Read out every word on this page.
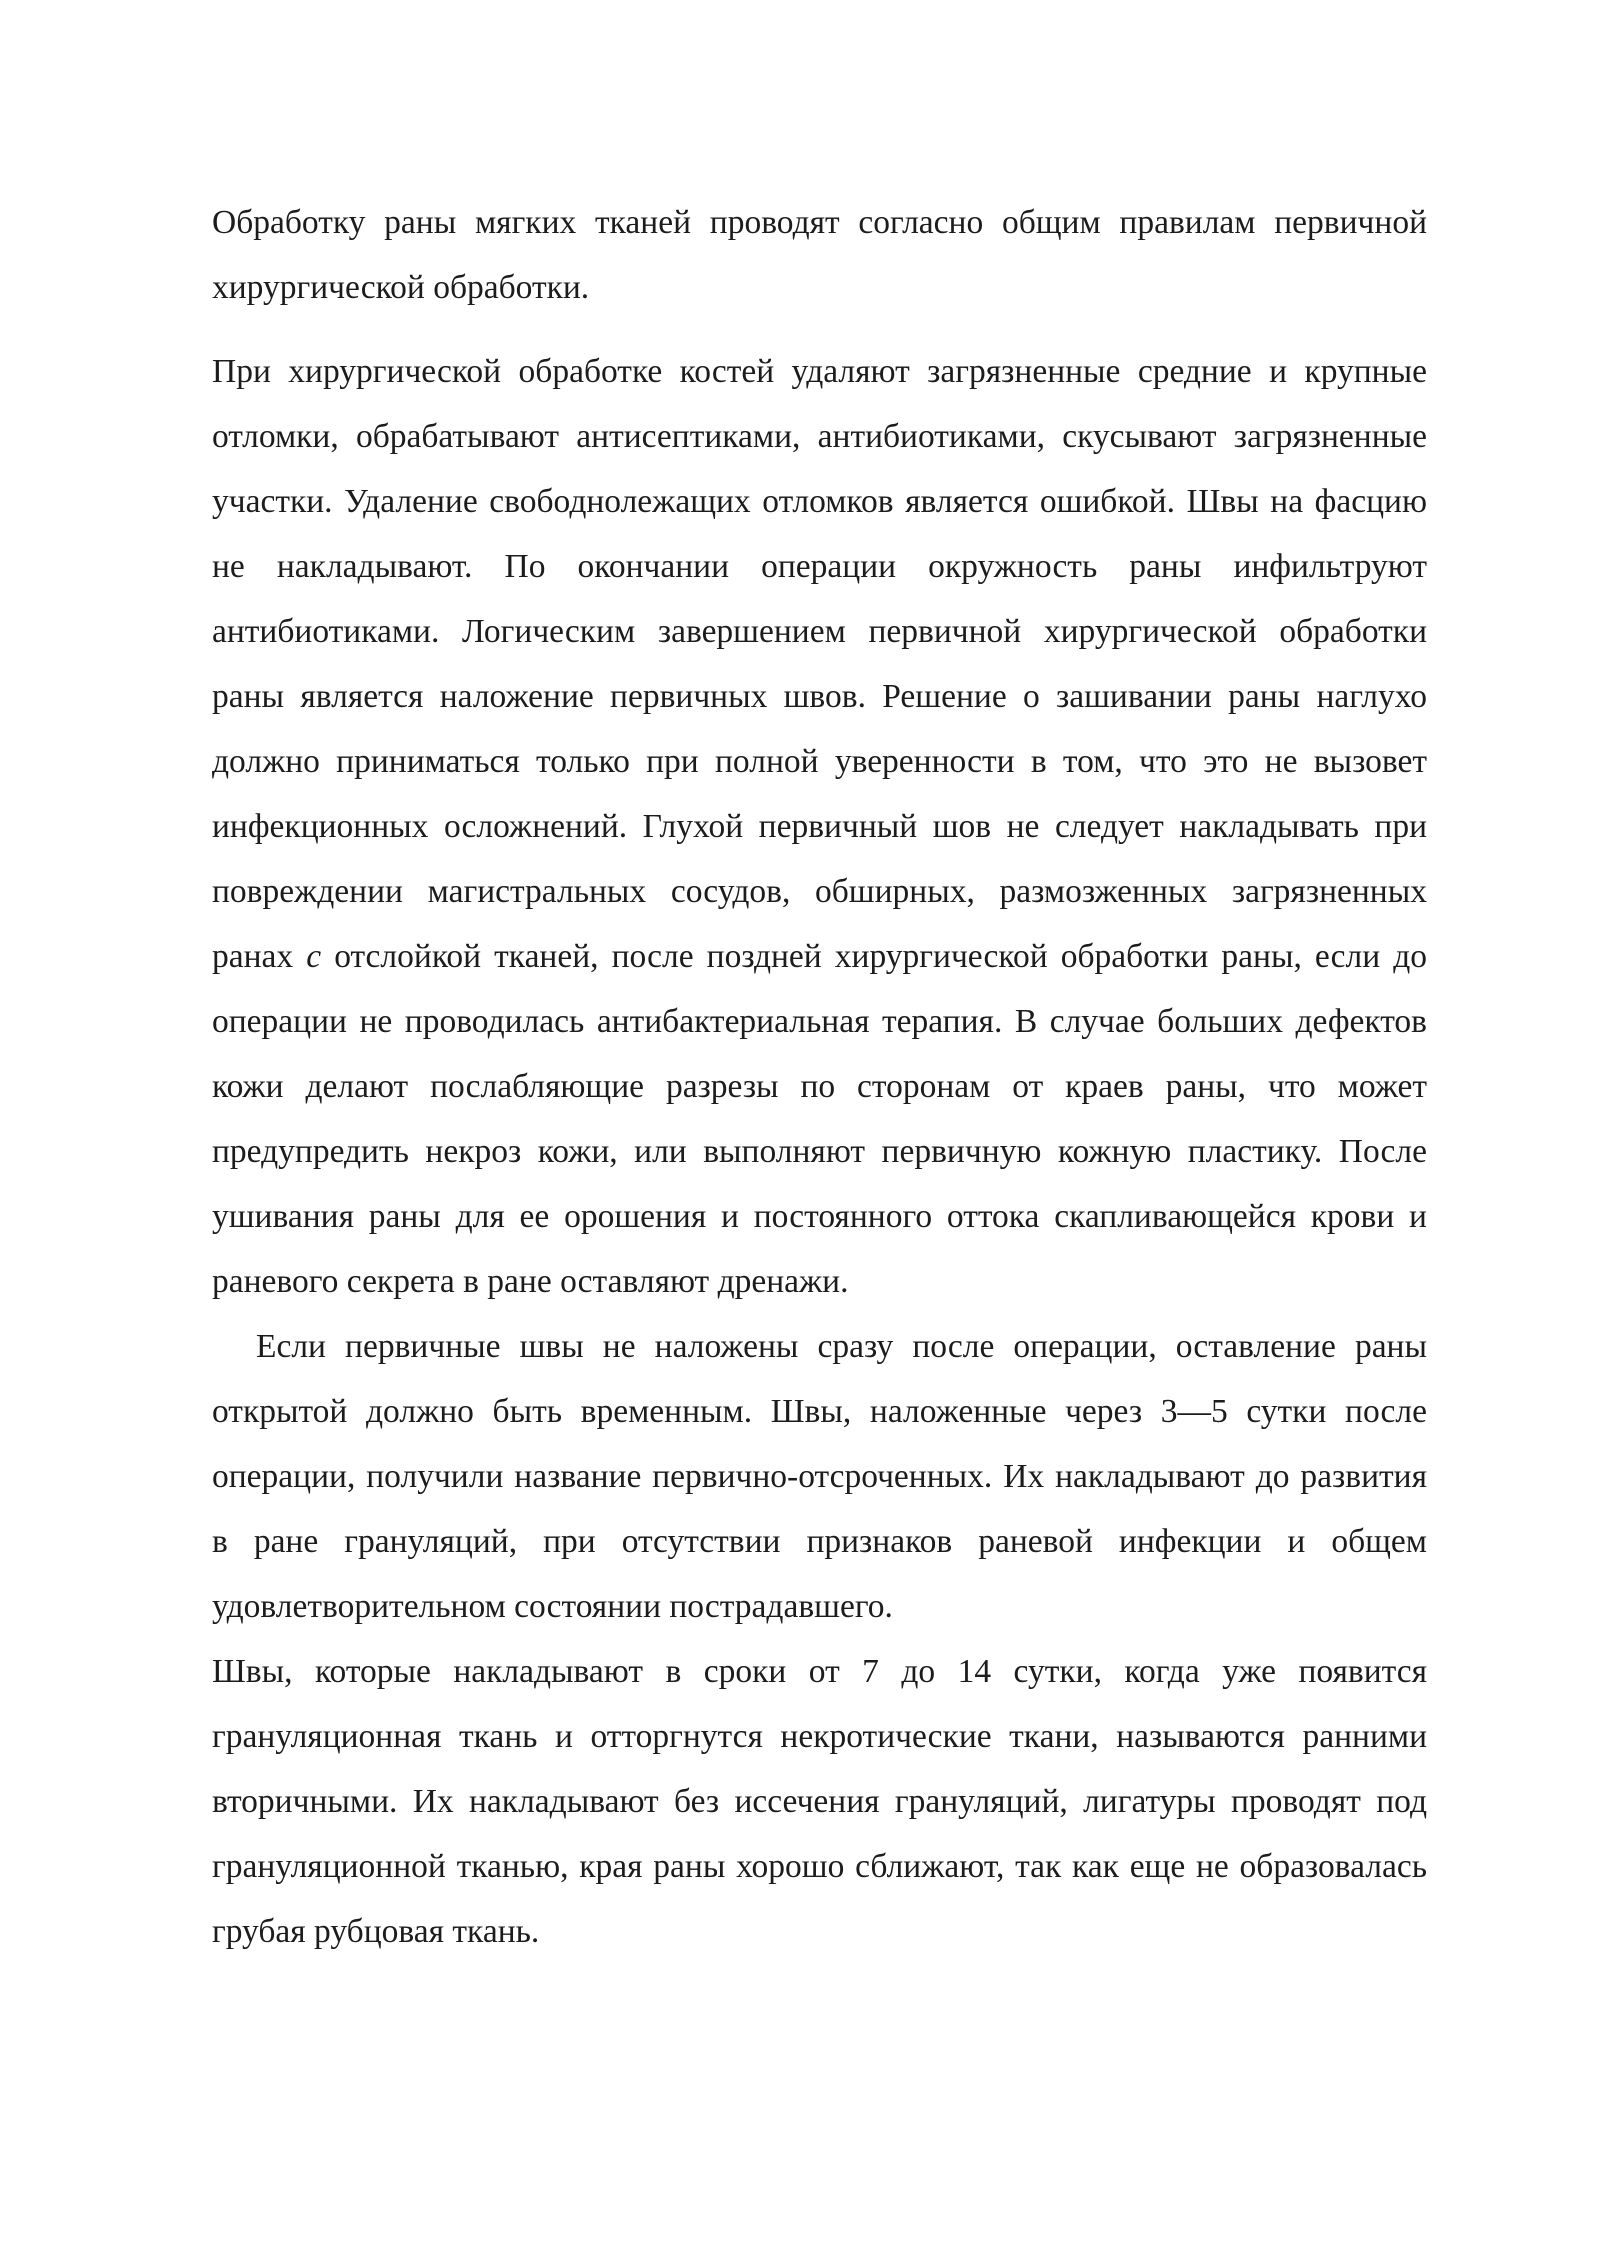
Обработку раны мягких тканей проводят согласно общим правилам первичной хирургической обработки.

При хирургической обработке костей удаляют загрязненные средние и крупные отломки, обрабатывают антисептиками, антибиотиками, скусывают загрязненные участки. Удаление свободнолежащих отломков является ошибкой. Швы на фасцию не накладывают. По окончании операции окружность раны инфильтруют антибиотиками. Логическим завершением первичной хирургической обработки раны является наложение первичных швов. Решение о зашивании раны наглухо должно приниматься только при полной уверенности в том, что это не вызовет инфекционных осложнений. Глухой первичный шов не следует накладывать при повреждении магистральных сосудов, обширных, размозженных загрязненных ранах с отслойкой тканей, после поздней хирургической обработки раны, если до операции не проводилась антибактериальная терапия. В случае больших дефектов кожи делают послабляющие разрезы по сторонам от краев раны, что может предупредить некроз кожи, или выполняют первичную кожную пластику. После ушивания раны для ее орошения и постоянного оттока скапливающейся крови и раневого секрета в ране оставляют дренажи.

Если первичные швы не наложены сразу после операции, оставление раны открытой должно быть временным. Швы, наложенные через 3—5 сутки после операции, получили название первично-отсроченных. Их накладывают до развития в ране грануляций, при отсутствии признаков раневой инфекции и общем удовлетворительном состоянии пострадавшего.

Швы, которые накладывают в сроки от 7 до 14 сутки, когда уже появится грануляционная ткань и отторгнутся некротические ткани, называются ранними вторичными. Их накладывают без иссечения грануляций, лигатуры проводят под грануляционной тканью, края раны хорошо сближают, так как еще не образовалась грубая рубцовая ткань.
